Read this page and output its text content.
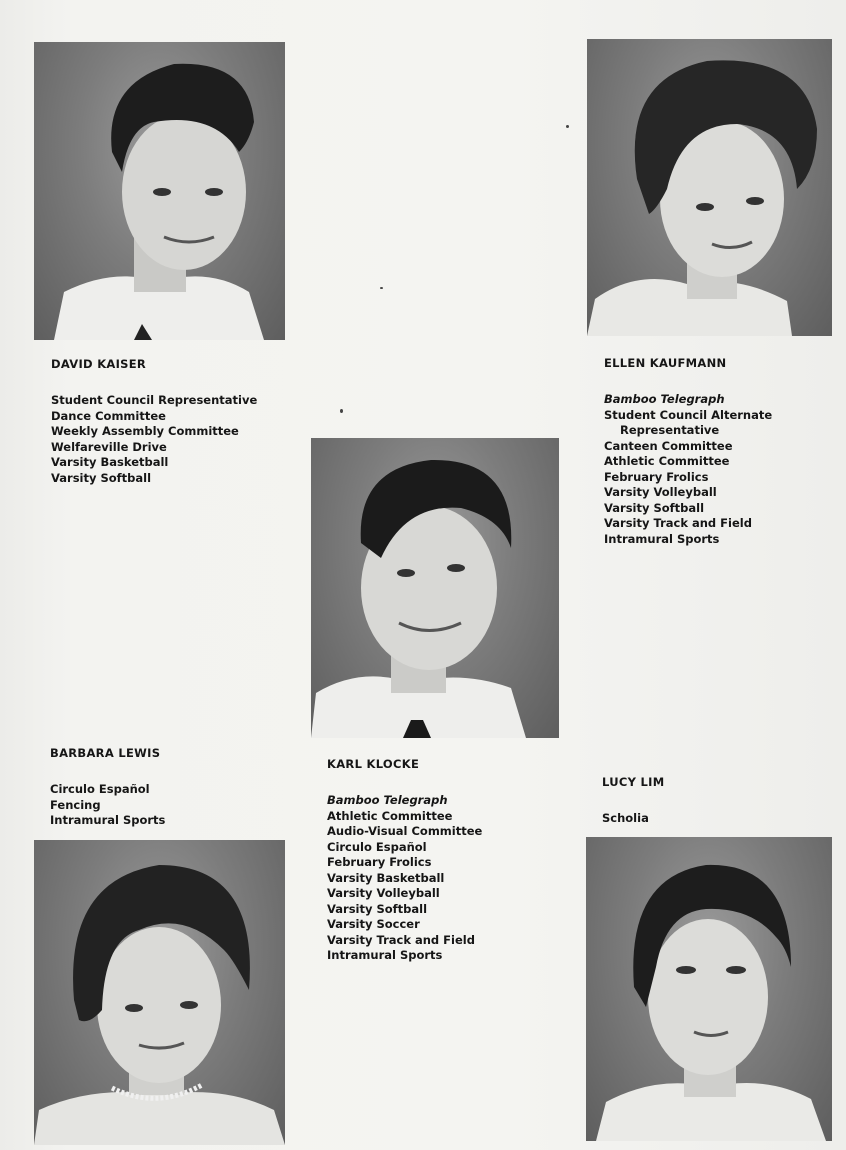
DAVID KAISER
Student Council Representative
Dance Committee
Weekly Assembly Committee
Welfareville Drive
Varsity Basketball
Varsity Softball
ELLEN KAUFMANN
Bamboo Telegraph
Student Council Alternate
Representative
Canteen Committee
Athletic Committee
February Frolics
Varsity Volleyball
Varsity Softball
Varsity Track and Field
Intramural Sports
KARL KLOCKE
Bamboo Telegraph
Athletic Committee
Audio-Visual Committee
Circulo Español
February Frolics
Varsity Basketball
Varsity Volleyball
Varsity Softball
Varsity Soccer
Varsity Track and Field
Intramural Sports
BARBARA LEWIS
Circulo Español
Fencing
Intramural Sports
LUCY LIM
Scholia
